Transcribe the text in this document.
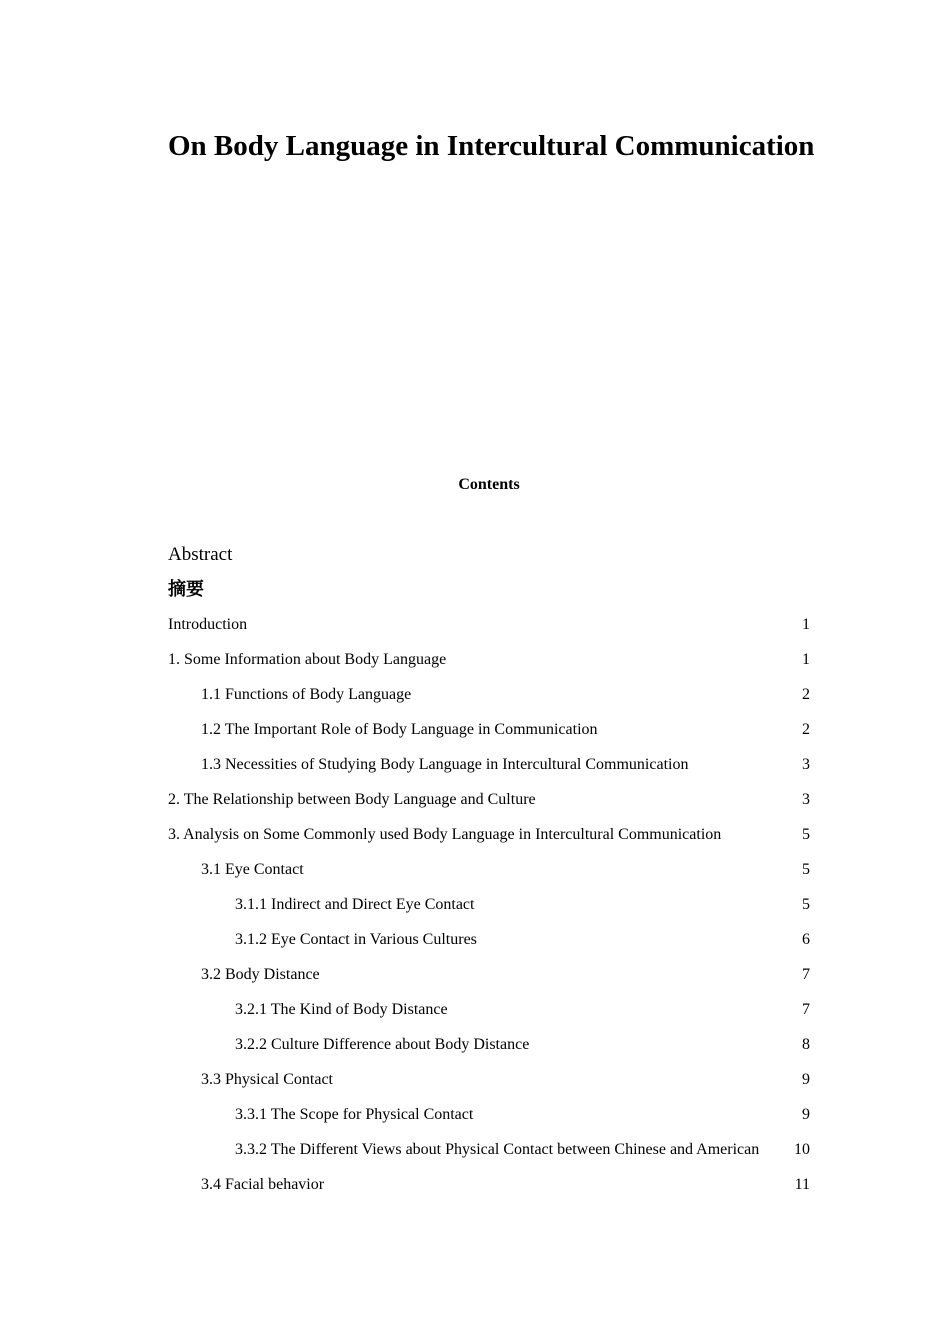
On Body Language in Intercultural Communication
Contents
Abstract
摘要
Introduction	1
1. Some Information about Body Language	1
1.1 Functions of Body Language	2
1.2 The Important Role of Body Language in Communication	2
1.3 Necessities of Studying Body Language in Intercultural Communication	3
2. The Relationship between Body Language and Culture	3
3. Analysis on Some Commonly used Body Language in Intercultural Communication	5
3.1 Eye Contact	5
3.1.1 Indirect and Direct Eye Contact	5
3.1.2 Eye Contact in Various Cultures	6
3.2 Body Distance	7
3.2.1 The Kind of Body Distance	7
3.2.2 Culture Difference about Body Distance	8
3.3 Physical Contact	9
3.3.1 The Scope for Physical Contact	9
3.3.2 The Different Views about Physical Contact between Chinese and American 10
3.4 Facial behavior	11
